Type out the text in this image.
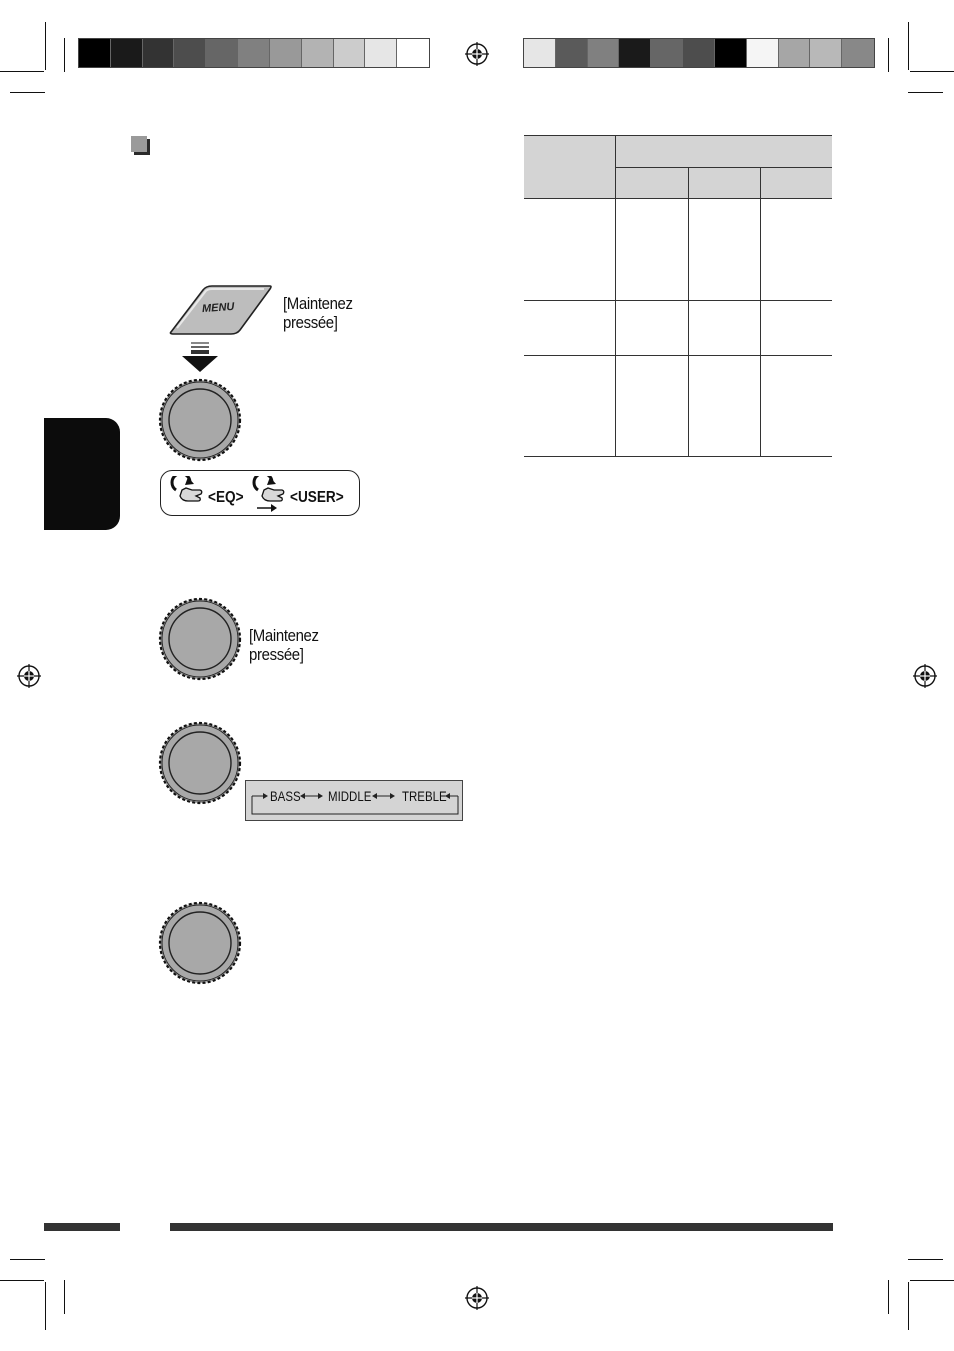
MENU	[Maintenez
pressée]
<EQ>	<USER>
[Maintenez
pressée]
BASS MIDDLE TREBLE
